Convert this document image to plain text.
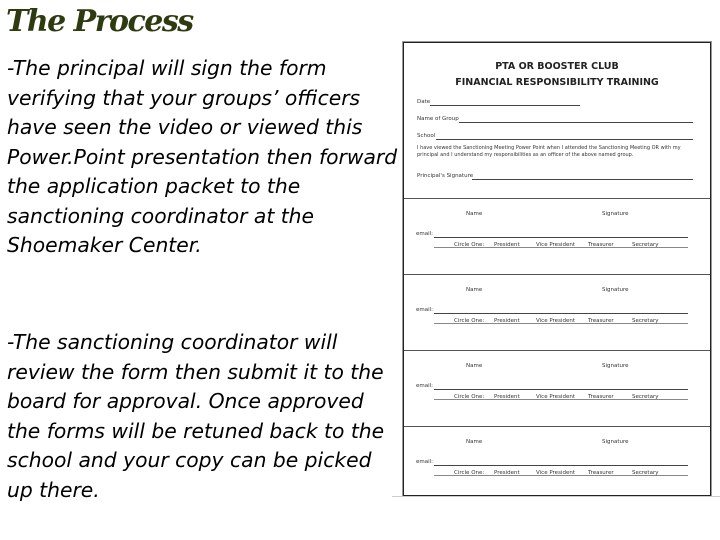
The Process

-The principal will sign the form verifying that your groups’ officers have seen the video or viewed this Power.Point presentation then forward the application packet to the sanctioning coordinator at the Shoemaker Center.

-The sanctioning coordinator will review the form then submit it to the board for approval. Once approved the forms will be retuned back to the school and your copy can be picked up there.

PTA OR BOOSTER CLUB
FINANCIAL RESPONSIBILITY TRAINING
Date
Name of Group
School
I have viewed the Sanctioning Meeting Power Point when I attended the Sanctioning Meeting OR with my principal and I understand my responsibilities as an officer of the above named group.
Principal's Signature
Name	Signature
email:
Circle One: President	Vice President Treasurer	Secretary
Name	Signature
email:
Circle One: President	Vice President Treasurer	Secretary
Name	Signature
email:
Circle One: President	Vice President Treasurer	Secretary
Name	Signature
email:
Circle One: President	Vice President Treasurer	Secretary
